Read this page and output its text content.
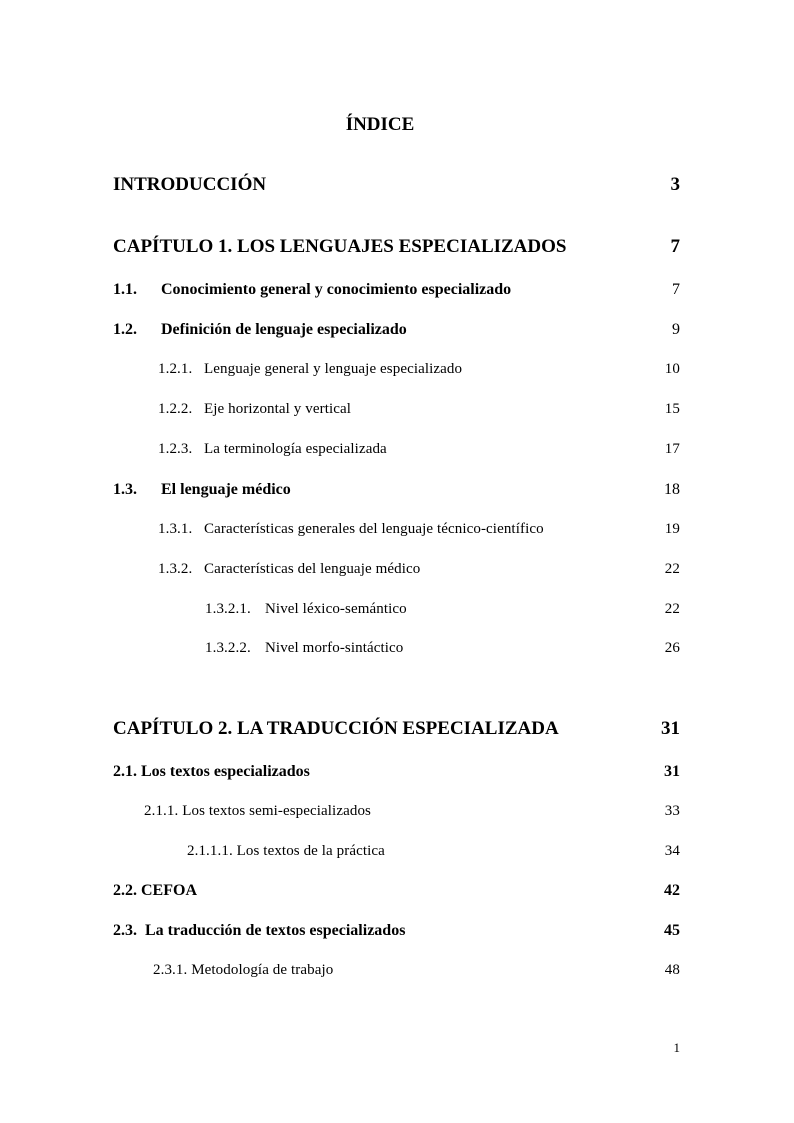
ÍNDICE
INTRODUCCIÓN	3
CAPÍTULO 1. LOS LENGUAJES ESPECIALIZADOS	7
1.1. Conocimiento general y conocimiento especializado	7
1.2. Definición de lenguaje especializado	9
1.2.1. Lenguaje general y lenguaje especializado	10
1.2.2. Eje horizontal y vertical	15
1.2.3. La terminología especializada	17
1.3. El lenguaje médico	18
1.3.1. Características generales del lenguaje técnico-científico	19
1.3.2. Características del lenguaje médico	22
1.3.2.1. Nivel léxico-semántico	22
1.3.2.2. Nivel morfo-sintáctico	26
CAPÍTULO 2. LA TRADUCCIÓN ESPECIALIZADA	31
2.1. Los textos especializados	31
2.1.1. Los textos semi-especializados	33
2.1.1.1. Los textos de la práctica	34
2.2. CEFOA	42
2.3.  La traducción de textos especializados	45
2.3.1. Metodología de trabajo	48
1
